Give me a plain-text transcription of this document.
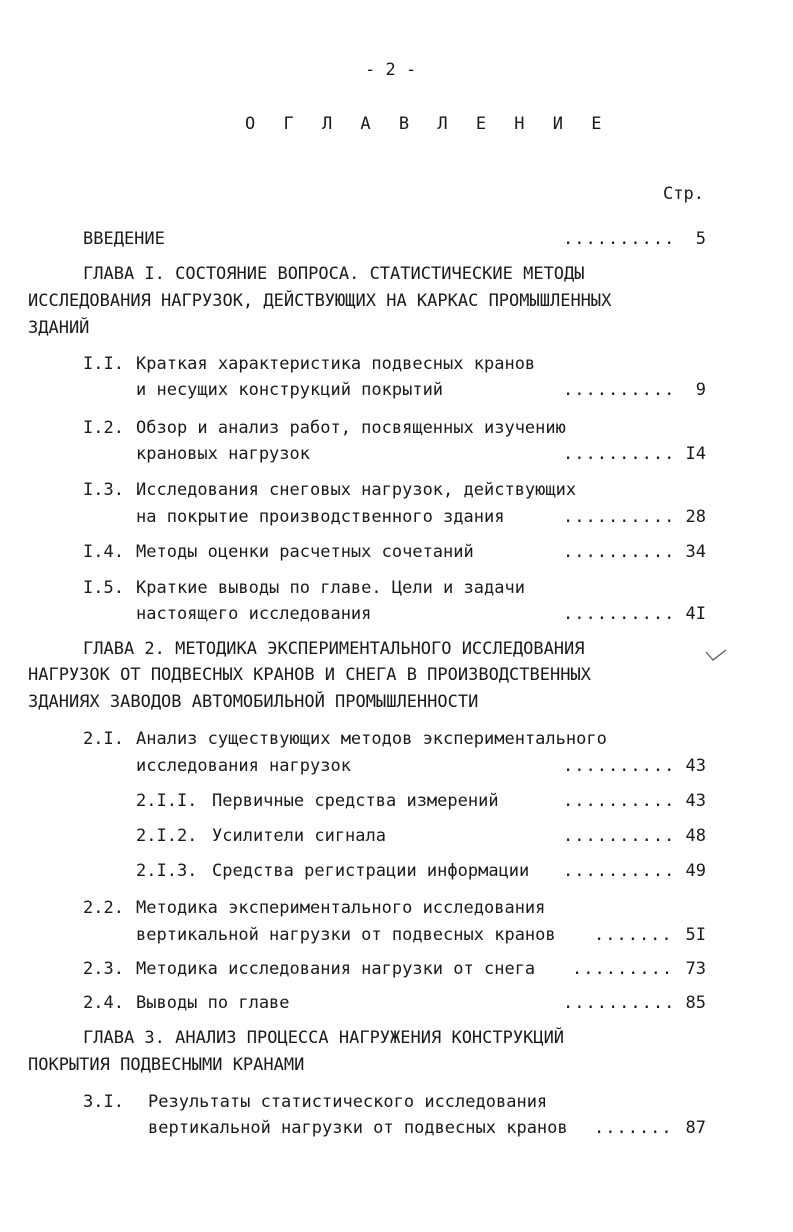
- 2 -
О Г Л А В Л Е Н И Е
Стр.
ВВЕДЕНИЕ	..........	5
ГЛАВА I. СОСТОЯНИЕ ВОПРОСА. СТАТИСТИЧЕСКИЕ МЕТОДЫ
ИССЛЕДОВАНИЯ НАГРУЗОК, ДЕЙСТВУЮЩИХ НА КАРКАС ПРОМЫШЛЕННЫХ
ЗДАНИЙ
I.I. Краткая характеристика подвесных кранов
и несущих конструкций покрытий	..........	9
I.2. Обзор и анализ работ, посвященных изучению
крановых нагрузок	.......... I4
I.3. Исследования снеговых нагрузок, действующих
на покрытие производственного здания	.......... 28
I.4. Методы оценки расчетных сочетаний	.......... 34
I.5. Краткие выводы по главе. Цели и задачи
настоящего исследования	.......... 4I
ГЛАВА 2. МЕТОДИКА ЭКСПЕРИМЕНТАЛЬНОГО ИССЛЕДОВАНИЯ
НАГРУЗОК ОТ ПОДВЕСНЫХ КРАНОВ И СНЕГА В ПРОИЗВОДСТВЕННЫХ
ЗДАНИЯХ ЗАВОДОВ АВТОМОБИЛЬНОЙ ПРОМЫШЛЕННОСТИ
2.I. Анализ существующих методов экспериментального
исследования нагрузок	.......... 43
2.I.I. Первичные средства измерений	.......... 43
2.I.2. Усилители сигнала	.......... 48
2.I.3. Средства регистрации информации .......... 49
2.2. Методика экспериментального исследования
вертикальной нагрузки от подвесных кранов ....... 5I
2.3. Методика исследования нагрузки от снега ......... 73
2.4. Выводы по главе	.......... 85
ГЛАВА 3. АНАЛИЗ ПРОЦЕССА НАГРУЖЕНИЯ КОНСТРУКЦИЙ
ПОКРЫТИЯ ПОДВЕСНЫМИ КРАНАМИ
3.I. Результаты статистического исследования
вертикальной нагрузки от подвесных кранов ....... 87
